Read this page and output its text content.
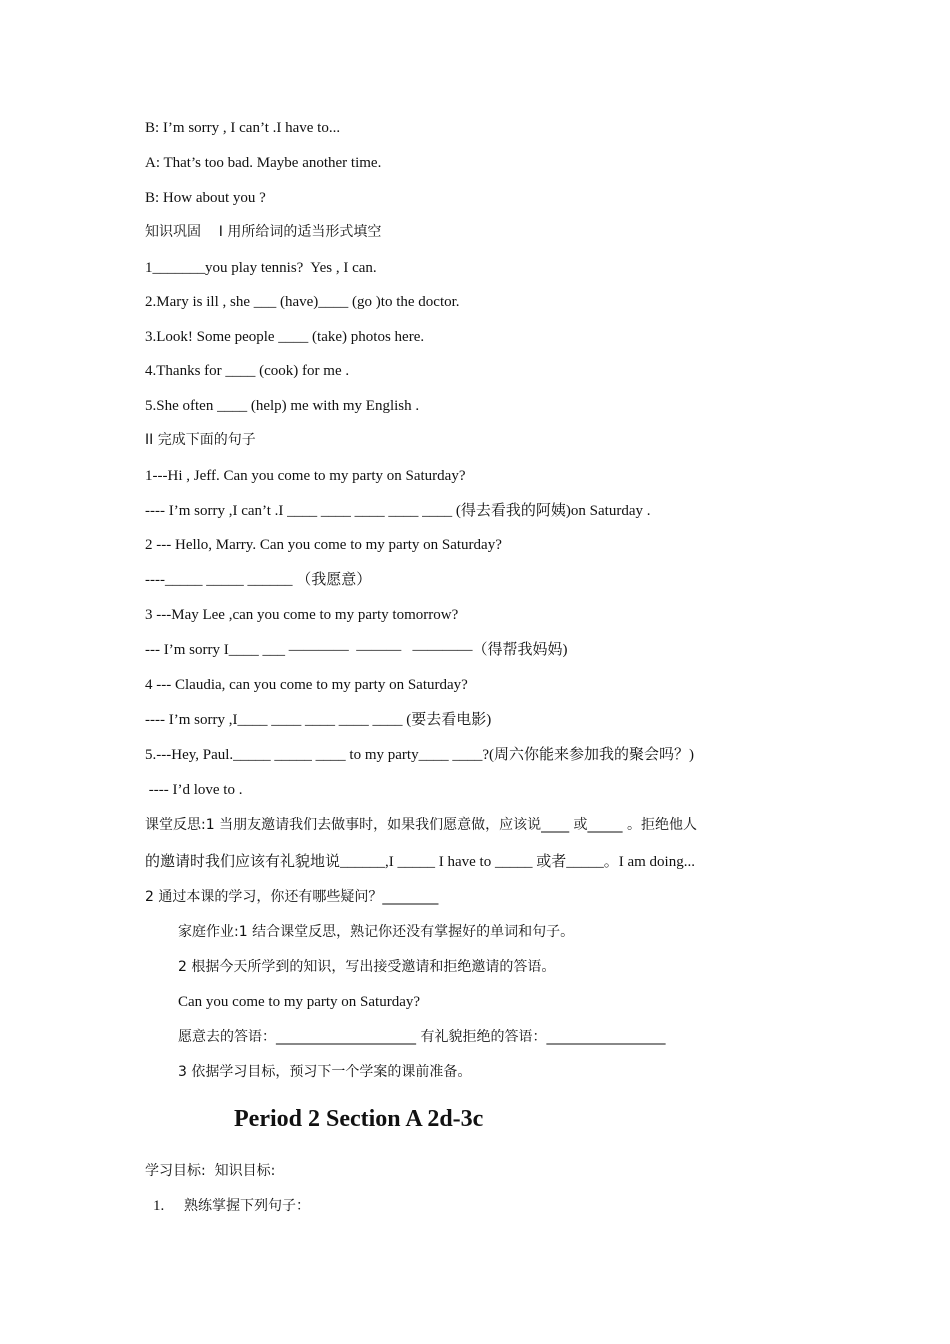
B: I’m sorry , I can’t .I have to...
A: That’s too bad. Maybe another time.
B: How about you ?
知识巩固    I 用所给词的适当形式填空
1_______you play tennis?  Yes , I can.
2.Mary is ill , she ___ (have)____ (go )to the doctor.
3.Look! Some people ____ (take) photos here.
4.Thanks for ____ (cook) for me .
5.She often ____ (help) me with my English .
II 完成下面的句子
1---Hi , Jeff. Can you come to my party on Saturday?
---- I’m sorry ,I can’t .I ____ ____ ____ ____ ____ (得去看我的阿姨)on Saturday .
2 --- Hello, Marry. Can you come to my party on Saturday?
----_____ _____ ______ （我愿意）
3 ---May Lee ,can you come to my party tomorrow?
--- I’m sorry I____ ___ ————  ———   ————（得帮我妈妈)
4 --- Claudia, can you come to my party on Saturday?
---- I’m sorry ,I____ ____ ____ ____ ____ (要去看电影)
5.---Hey, Paul._____ _____ ____ to my party____ ____?(周六你能来参加我的聚会吗？)
---- I’d love to .
课堂反思:1 当朋友邀请我们去做事时，如果我们愿意做，应该说____ 或_____ 。拒绝他人
的邀请时我们应该有礼貌地说______,I _____ I have to _____ 或者_____。I am doing...
2 通过本课的学习，你还有哪些疑问？________
家庭作业:1 结合课堂反思，熟记你还没有掌握好的单词和句子。
2 根据今天所学到的知识，写出接受邀请和拒绝邀请的答语。
Can you come to my party on Saturday?
愿意去的答语：____________________ 有礼貌拒绝的答语：_________________
3 依据学习目标，预习下一个学案的课前准备。
Period 2 Section A 2d-3c
学习目标:  知识目标:
1. 熟练掌握下列句子：
